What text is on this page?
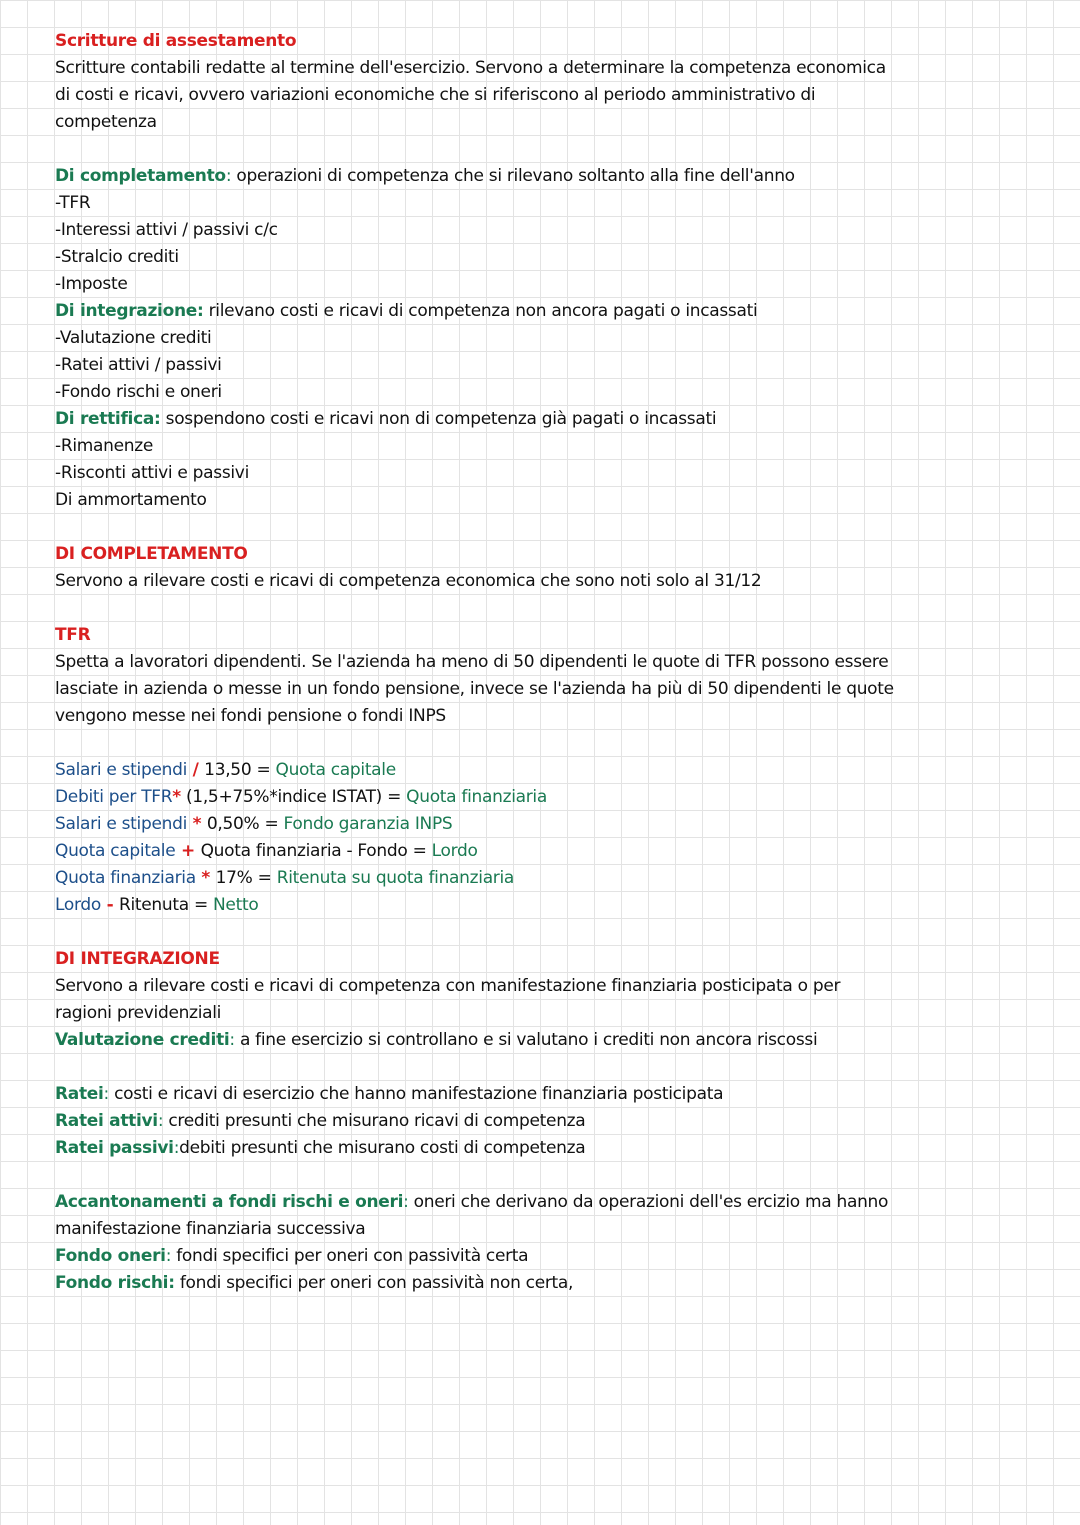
Scritture di assestamento
Scritture contabili redatte al termine dell'esercizio. Servono a determinare la competenza economica
di costi e ricavi, ovvero variazioni economiche che si riferiscono al periodo amministrativo di
competenza
Di completamento: operazioni di competenza che si rilevano soltanto alla fine dell'anno
-TFR
-Interessi attivi / passivi c/c
-Stralcio crediti
-Imposte
Di integrazione: rilevano costi e ricavi di competenza non ancora pagati o incassati
-Valutazione crediti
-Ratei attivi / passivi
-Fondo rischi e oneri
Di rettifica: sospendono costi e ricavi non di competenza già pagati o incassati
-Rimanenze
-Risconti attivi e passivi
Di ammortamento
DI COMPLETAMENTO
Servono a rilevare costi e ricavi di competenza economica che sono noti solo al 31/12
TFR
Spetta a lavoratori dipendenti. Se l'azienda ha meno di 50 dipendenti le quote di TFR possono essere
lasciate in azienda o messe in un fondo pensione, invece se l'azienda ha più di 50 dipendenti le quote
vengono messe nei fondi pensione o fondi INPS
Salari e stipendi / 13,50 = Quota capitale
Debiti per TFR* (1,5+75%*indice ISTAT) = Quota finanziaria
Salari e stipendi * 0,50% = Fondo garanzia INPS
Quota capitale + Quota finanziaria - Fondo = Lordo
Quota finanziaria * 17% = Ritenuta su quota finanziaria
Lordo - Ritenuta = Netto
DI INTEGRAZIONE
Servono a rilevare costi e ricavi di competenza con manifestazione finanziaria posticipata o per
ragioni previdenziali
Valutazione crediti: a fine esercizio si controllano e si valutano i crediti non ancora riscossi
Ratei: costi e ricavi di esercizio che hanno manifestazione finanziaria posticipata
Ratei attivi: crediti presunti che misurano ricavi di competenza
Ratei passivi:debiti presunti che misurano costi di competenza
Accantonamenti a fondi rischi e oneri: oneri che derivano da operazioni dell'es ercizio ma hanno
manifestazione finanziaria successiva
Fondo oneri: fondi specifici per oneri con passività certa
Fondo rischi: fondi specifici per oneri con passività non certa,
